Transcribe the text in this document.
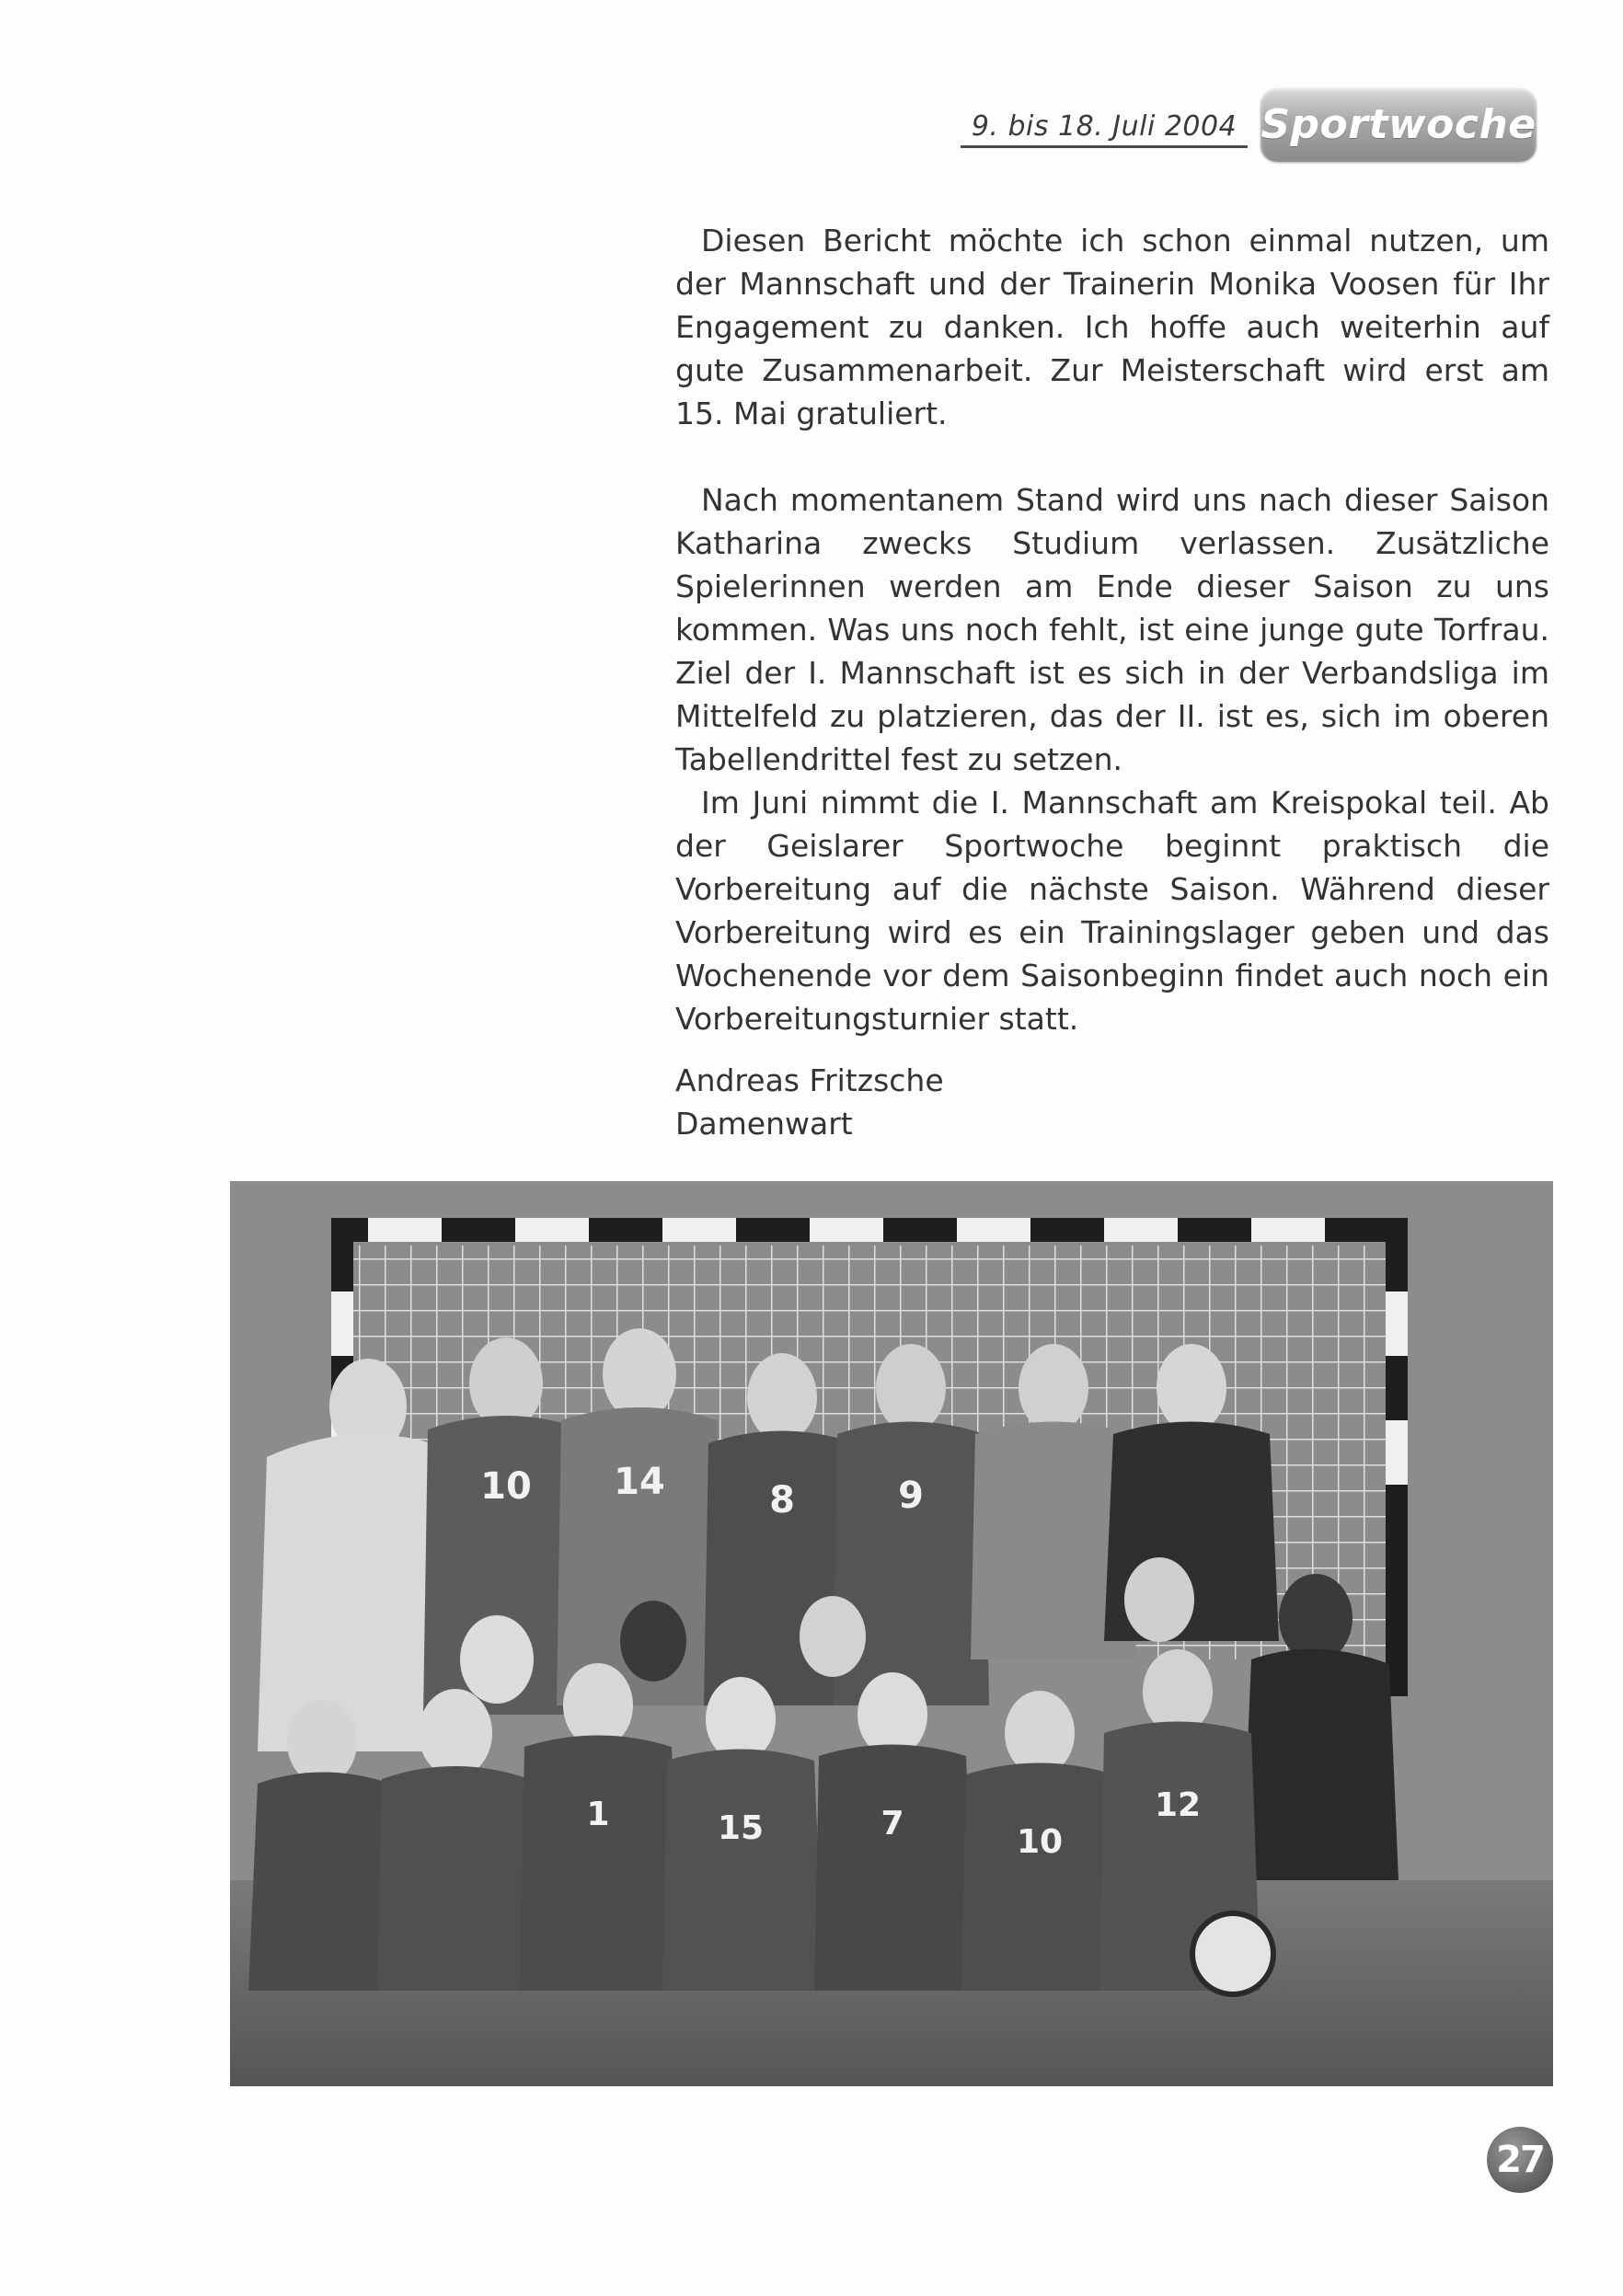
9. bis 18. Juli 2004 Sportwoche

Diesen Bericht möchte ich schon einmal nutzen, um der Mannschaft und der Trainerin Monika Voosen für Ihr Engagement zu danken. Ich hoffe auch weiterhin auf gute Zusammenarbeit. Zur Meisterschaft wird erst am 15. Mai gratuliert.

Nach momentanem Stand wird uns nach dieser Saison Katharina zwecks Studium verlassen. Zusätzliche Spielerinnen werden am Ende dieser Saison zu uns kommen. Was uns noch fehlt, ist eine junge gute Torfrau. Ziel der I. Mannschaft ist es sich in der Verbandsliga im Mittelfeld zu platzieren, das der II. ist es, sich im oberen Tabellendrittel fest zu setzen.

Im Juni nimmt die I. Mannschaft am Kreispokal teil. Ab der Geislarer Sportwoche beginnt praktisch die Vorbereitung auf die nächste Saison. Während dieser Vorbereitung wird es ein Trainingslager geben und das Wochenende vor dem Saisonbeginn findet auch noch ein Vorbereitungsturnier statt.

Andreas Fritzsche
Damenwart
10 14	8	9
1	15	7	10
12
27
